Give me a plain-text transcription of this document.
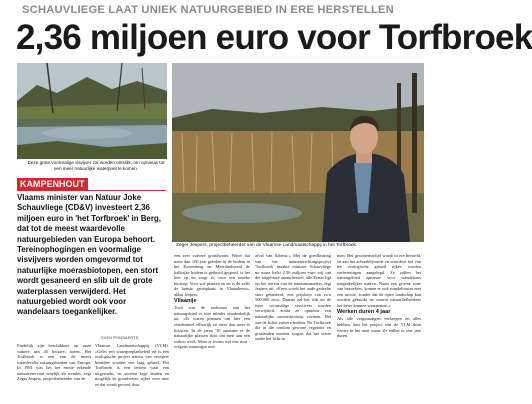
SCHAUVLIEGE LAAT UNIEK NATUURGEBIED IN ERE HERSTELLEN
2,36 miljoen euro voor Torfbroek
Deze grote voormalige visvijver zal worden ontslibt, om opnieuw tot een meer natuurlijke waterpoel te komen.
Zeger Jespers, projectbeheerder van de Vlaamse Landmaatschappij in het Torfbroek.
foto Sven Ponsaerts
KAMPENHOUT
Vlaams minister van Natuur Joke Schauvliege (CD&V) investeert 2,36 miljoen euro in 'het Torfbroek' in Berg, dat tot de meest waardevolle natuurgebieden van Europa behoort. Tereinophogingen en voormalige visvijvers worden omgevormd tot natuurlijke moerasbiotopen, een stort wordt gesaneerd en slib uit de grote waterplassen verwijderd. Het natuurgebied wordt ook voor wandelaars toegankelijker.
SVEN PONSAERTS

Eindelijk zijn beschikbare op onze wakere aan 45 hectare, horen. Het Torfbroek is een van de meest waardevolle natuurgebieden van Europa. In 1981 was het het eerste erkende natuurreservaat ornelijk als trendes, zegt Zeger Jespers, projectbeheerder van de

Vlaamse Landmaatschappij (VLM). «Gelet een waterpreplanbeleid en is een ecologische project natuur van vroegere beenden worden een laag gebeel. Het Torfbroek is een terrein waar een uitgestrekt, en soorten lage landen en mogelijk de grondwater, rijker voor mee ze dat wordt gevoed door

een zeer zuivere grondwater. Water dat meer dan 100 jaar geleden in de bodem in het Kerrenberg en Meerdaalwoud de kalkrijke bodem is geduwd gesperd, is het hier op en zorgt zo voor een unieke biotoop. Voor wie planten en en is dit zelfs de laatste groeiplaats in Vlaanderen», aldus Jespers.

Vilaanije

Toch was de toekomst van het natuurgebied er niet minder noodzakelijk uit. «Er waren plannen om hier een residentieel villawijk en meer dan meer te bouwen. In de jaren '30 ontstaan er de natuurlijke plassen door dat men aan een wahoo werk. Maar er kwam wel een stort - volgens sommigen met

afval van Sabena.» Met de goedkeuring van het natuurinrichtingsproject 'Torfbroek' maakte minister Schauvliege nu maar liefst 2,36 miljoen euro vrij om die uitgebreid natuurherstel, alle Eenas ligt op het terrein van de natuurmaanders, legt Jespers uit. «Eerst wordt het oude gedeelte stort gesaneerd, een prijskiep van zo'n 500.000 euro. Daarna zal het slib uit de twee voormalige visvijvers worden verwijderd, zodat ze opnieuw een natuurlijke moerasbiotoop vormen. Het aan de lichte zuivere bodem. De Torfbroek die in die rondom gewone vegetatie en graslanden moeten zorgen dat het water onder het licht in

men. Het grachtenstelsel wordt in ere hersteld, en aan het achterblijvende en waardoor het van het ecologische gebied rijker, worden verbeteringen aangelegd. Ze zullen het natuurgebied opnieuw voor wandelaars toegankelijker maken. Naast een groene zone van bezoekers, komen er ook wandelroutes met een mooie, zonder dat de open landschap kan worden gebruikt en waarin natuurliefhebbers het beter kunnen waarnemen.»

Werken duren 4 jaar

Als alle vergunningen verkregen en alles hebben, kan het project van de VLM deze winter in het taart staan. Ze zullen er vier jaar duren.
